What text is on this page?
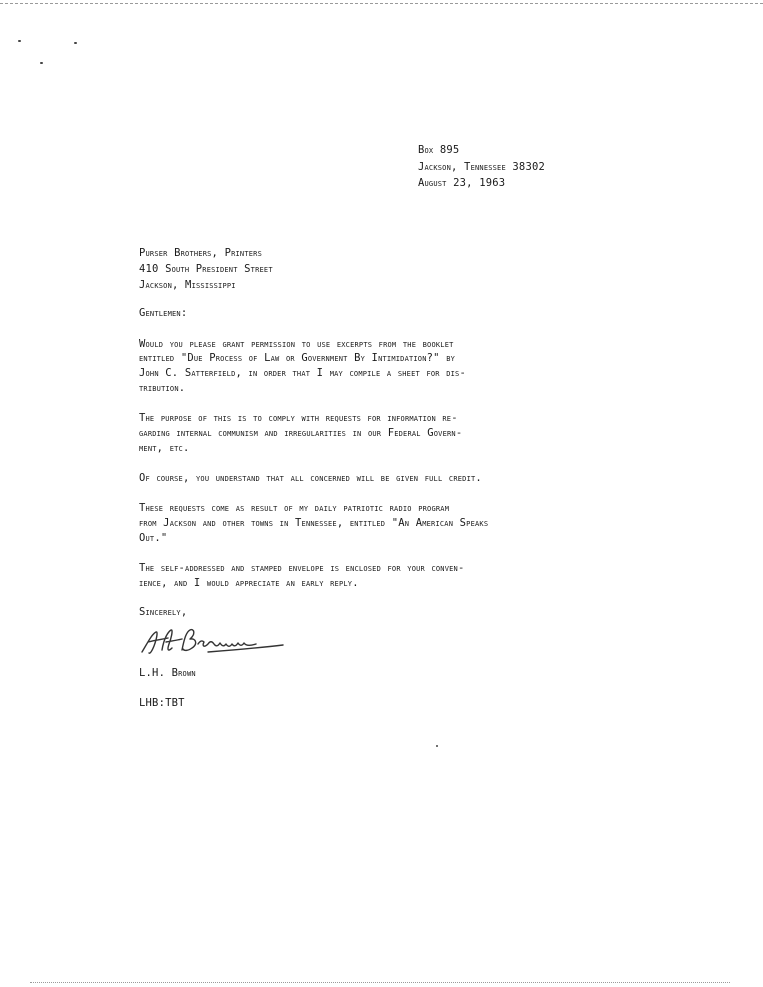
Box 895
Jackson, Tennessee 38302
August 23, 1963
Purser Brothers, Printers
410 South President Street
Jackson, Mississippi
Gentlemen:
Would you please grant permission to use excerpts from the booklet
entitled "Due Process of Law or Government By Intimidation?" by
John C. Satterfield, in order that I may compile a sheet for dis-
tribution.
The purpose of this is to comply with requests for information re-
garding internal communism and irregularities in our Federal Govern-
ment, etc.
Of course, you understand that all concerned will be given full credit.
These requests come as result of my daily patriotic radio program
from Jackson and other towns in Tennessee, entitled "An American Speaks
Out."
The self-addressed and stamped envelope is enclosed for your conven-
ience, and I would appreciate an early reply.
Sincerely,
L.H. Brown
LHB:TBT
